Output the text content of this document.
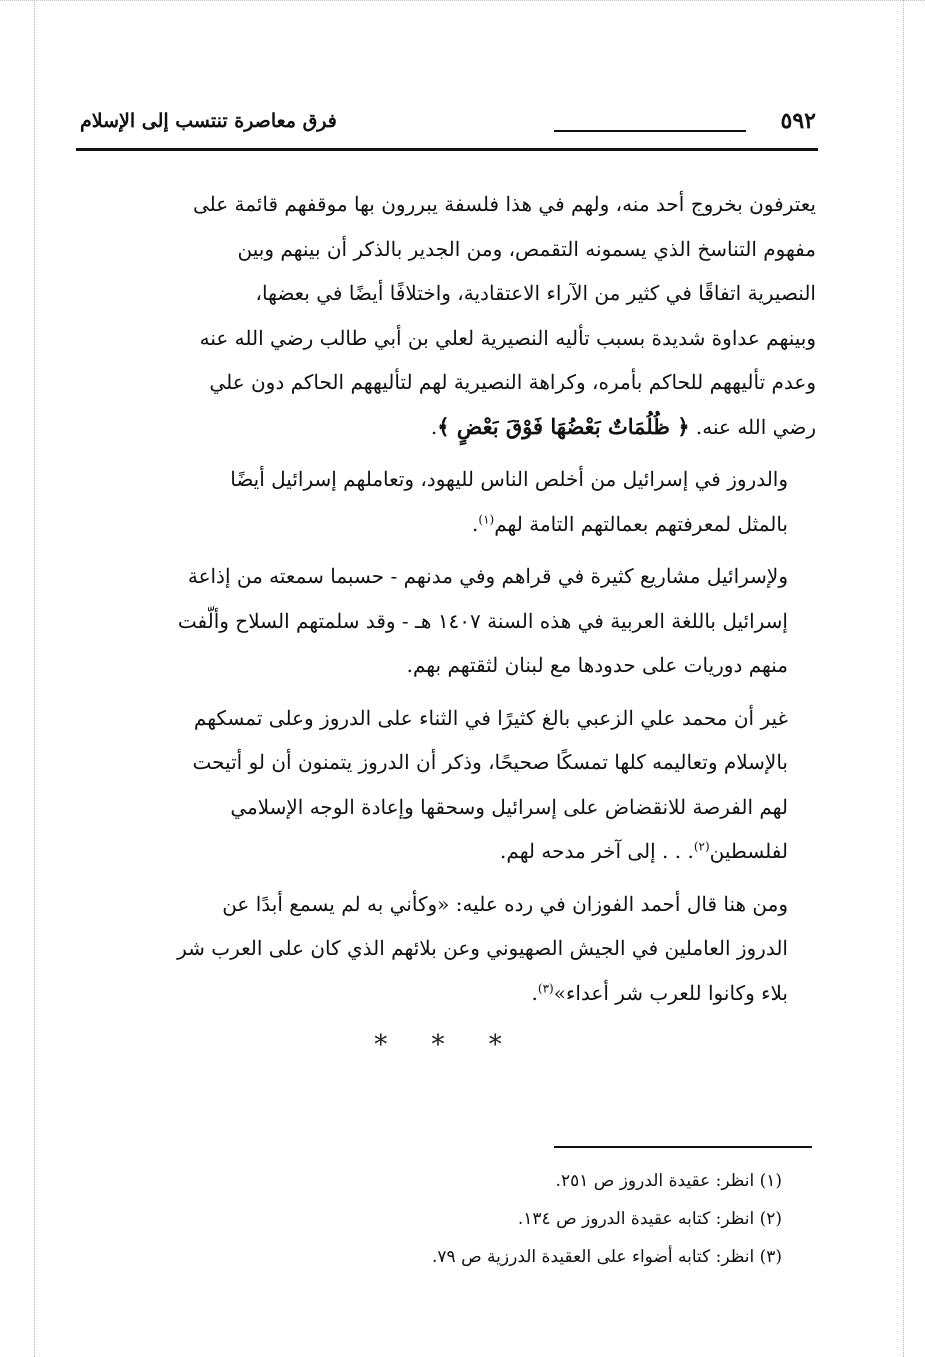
٥٩٢
فرق معاصرة تنتسب إلى الإسلام

يعترفون بخروج أحد منه، ولهم في هذا فلسفة يبررون بها موقفهم قائمة على
مفهوم التناسخ الذي يسمونه التقمص، ومن الجدير بالذكر أن بينهم وبين
النصيرية اتفاقًا في كثير من الآراء الاعتقادية، واختلافًا أيضًا في بعضها،
وبينهم عداوة شديدة بسبب تأليه النصيرية لعلي بن أبي طالب رضي الله عنه
وعدم تأليههم للحاكم بأمره، وكراهة النصيرية لهم لتأليههم الحاكم دون علي
رضي الله عنه. ﴿ ظُلُمَاتٌ بَعْضُهَا فَوْقَ بَعْضٍ ﴾.

والدروز في إسرائيل من أخلص الناس لليهود، وتعاملهم إسرائيل أيضًا
بالمثل لمعرفتهم بعمالتهم التامة لهم$^{(١)}$.

ولإسرائيل مشاريع كثيرة في قراهم وفي مدنهم - حسبما سمعته من إذاعة
إسرائيل باللغة العربية في هذه السنة ١٤٠٧ هـ - وقد سلمتهم السلاح وألّفت
منهم دوريات على حدودها مع لبنان لثقتهم بهم.

غير أن محمد علي الزعبي بالغ كثيرًا في الثناء على الدروز وعلى تمسكهم
بالإسلام وتعاليمه كلها تمسكًا صحيحًا، وذكر أن الدروز يتمنون أن لو أتيحت
لهم الفرصة للانقضاض على إسرائيل وسحقها وإعادة الوجه الإسلامي
لفلسطين$^{(٢)}$. . . إلى آخر مدحه لهم.

ومن هنا قال أحمد الفوزان في رده عليه: «وكأني به لم يسمع أبدًا عن
الدروز العاملين في الجيش الصهيوني وعن بلائهم الذي كان على العرب شر
بلاء وكانوا للعرب شر أعداء»$^{(٣)}$.

* * *
(١) انظر: عقيدة الدروز ص ٢٥١.
(٢) انظر: كتابه عقيدة الدروز ص ١٣٤.
(٣) انظر: كتابه أضواء على العقيدة الدرزية ص ٧٩.
